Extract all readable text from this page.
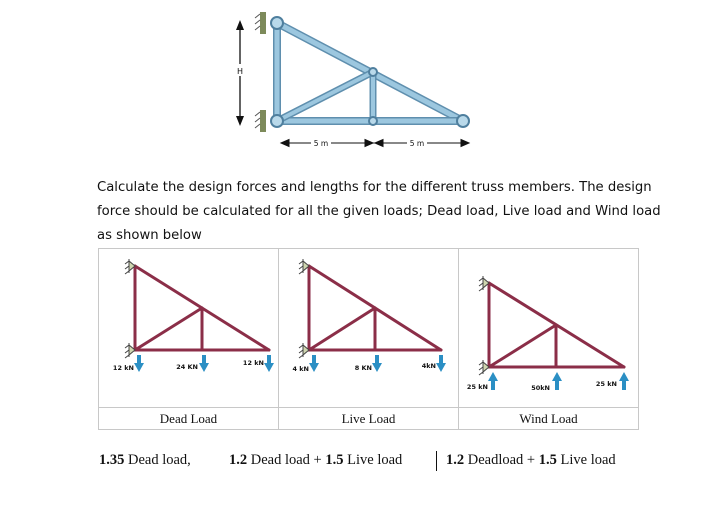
H
5 m	5 m
Calculate the design forces and lengths for the different truss members. The design
force should be calculated for all the given loads; Dead load, Live load and Wind load
as shown below
12 kN 24 KN 12 kN	4 kN 8 KN 4kN	25 kN 50kN 25 kN

Dead Load	Live Load	Wind Load
1.35 Dead load,	1.2 Dead load + 1.5 Live load	1.2 Deadload + 1.5 Live load
